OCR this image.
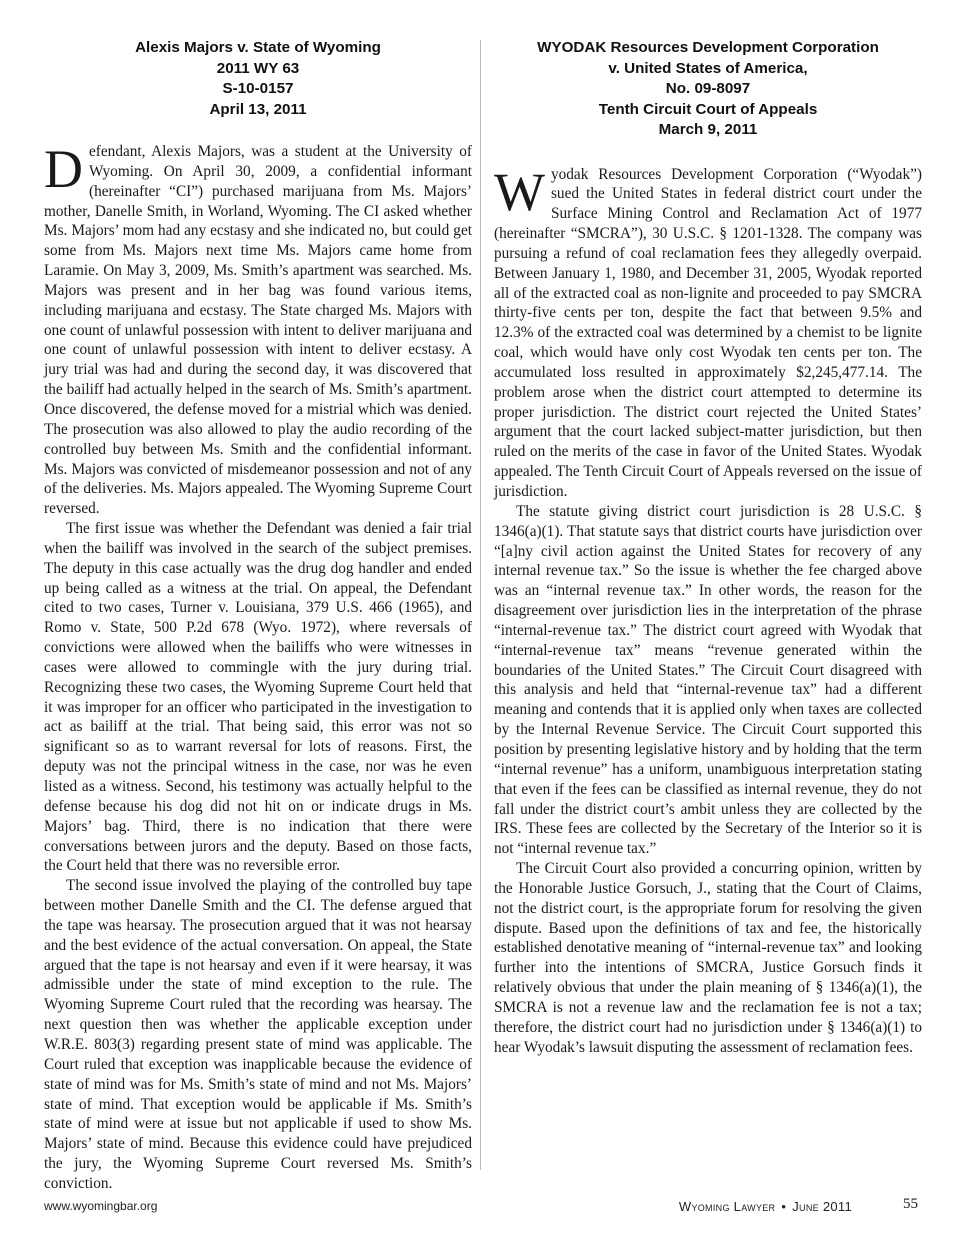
Alexis Majors v. State of Wyoming
2011 WY 63
S-10-0157
April 13, 2011

Defendant, Alexis Majors, was a student at the University of Wyoming. On April 30, 2009, a confidential informant (hereinafter “CI”) purchased marijuana from Ms. Majors’ mother, Danelle Smith, in Worland, Wyoming. The CI asked whether Ms. Majors’ mom had any ecstasy and she indicated no, but could get some from Ms. Majors next time Ms. Majors came home from Laramie. On May 3, 2009, Ms. Smith’s apartment was searched. Ms. Majors was present and in her bag was found various items, including marijuana and ecstasy. The State charged Ms. Majors with one count of unlawful possession with intent to deliver marijuana and one count of unlawful possession with intent to deliver ecstasy. A jury trial was had and during the second day, it was discovered that the bailiff had actually helped in the search of Ms. Smith’s apartment. Once discovered, the defense moved for a mistrial which was denied. The prosecution was also allowed to play the audio recording of the controlled buy between Ms. Smith and the confidential informant. Ms. Majors was convicted of misdemeanor possession and not of any of the deliveries. Ms. Majors appealed. The Wyoming Supreme Court reversed.

The first issue was whether the Defendant was denied a fair trial when the bailiff was involved in the search of the subject premises. The deputy in this case actually was the drug dog handler and ended up being called as a witness at the trial. On appeal, the Defendant cited to two cases, Turner v. Louisiana, 379 U.S. 466 (1965), and Romo v. State, 500 P.2d 678 (Wyo. 1972), where reversals of convictions were allowed when the bailiffs who were witnesses in cases were allowed to commingle with the jury during trial. Recognizing these two cases, the Wyoming Supreme Court held that it was improper for an officer who participated in the investigation to act as bailiff at the trial. That being said, this error was not so significant so as to warrant reversal for lots of reasons. First, the deputy was not the principal witness in the case, nor was he even listed as a witness. Second, his testimony was actually helpful to the defense because his dog did not hit on or indicate drugs in Ms. Majors’ bag. Third, there is no indication that there were conversations between jurors and the deputy. Based on those facts, the Court held that there was no reversible error.

The second issue involved the playing of the controlled buy tape between mother Danelle Smith and the CI. The defense argued that the tape was hearsay. The prosecution argued that it was not hearsay and the best evidence of the actual conversation. On appeal, the State argued that the tape is not hearsay and even if it were hearsay, it was admissible under the state of mind exception to the rule. The Wyoming Supreme Court ruled that the recording was hearsay. The next question then was whether the applicable exception under W.R.E. 803(3) regarding present state of mind was applicable. The Court ruled that exception was inapplicable because the evidence of state of mind was for Ms. Smith’s state of mind and not Ms. Majors’ state of mind. That exception would be applicable if Ms. Smith’s state of mind were at issue but not applicable if used to show Ms. Majors’ state of mind. Because this evidence could have prejudiced the jury, the Wyoming Supreme Court reversed Ms. Smith’s conviction.

WYODAK Resources Development Corporation
v. United States of America,
No. 09-8097
Tenth Circuit Court of Appeals
March 9, 2011

Wyodak Resources Development Corporation (“Wyodak”) sued the United States in federal district court under the Surface Mining Control and Reclamation Act of 1977 (hereinafter “SMCRA”), 30 U.S.C. § 1201-1328. The company was pursuing a refund of coal reclamation fees they allegedly overpaid. Between January 1, 1980, and December 31, 2005, Wyodak reported all of the extracted coal as non-lignite and proceeded to pay SMCRA thirty-five cents per ton, despite the fact that between 9.5% and 12.3% of the extracted coal was determined by a chemist to be lignite coal, which would have only cost Wyodak ten cents per ton. The accumulated loss resulted in approximately $2,245,477.14. The problem arose when the district court attempted to determine its proper jurisdiction. The district court rejected the United States’ argument that the court lacked subject-matter jurisdiction, but then ruled on the merits of the case in favor of the United States. Wyodak appealed. The Tenth Circuit Court of Appeals reversed on the issue of jurisdiction.

The statute giving district court jurisdiction is 28 U.S.C. § 1346(a)(1). That statute says that district courts have jurisdiction over “[a]ny civil action against the United States for recovery of any internal revenue tax.” So the issue is whether the fee charged above was an “internal revenue tax.” In other words, the reason for the disagreement over jurisdiction lies in the interpretation of the phrase “internal-revenue tax.” The district court agreed with Wyodak that “internal-revenue tax” means “revenue generated within the boundaries of the United States.” The Circuit Court disagreed with this analysis and held that “internal-revenue tax” had a different meaning and contends that it is applied only when taxes are collected by the Internal Revenue Service. The Circuit Court supported this position by presenting legislative history and by holding that the term “internal revenue” has a uniform, unambiguous interpretation stating that even if the fees can be classified as internal revenue, they do not fall under the district court’s ambit unless they are collected by the IRS. These fees are collected by the Secretary of the Interior so it is not “internal revenue tax.”

The Circuit Court also provided a concurring opinion, written by the Honorable Justice Gorsuch, J., stating that the Court of Claims, not the district court, is the appropriate forum for resolving the given dispute. Based upon the definitions of tax and fee, the historically established denotative meaning of “internal-revenue tax” and looking further into the intentions of SMCRA, Justice Gorsuch finds it relatively obvious that under the plain meaning of § 1346(a)(1), the SMCRA is not a revenue law and the reclamation fee is not a tax; therefore, the district court had no jurisdiction under § 1346(a)(1) to hear Wyodak’s lawsuit disputing the assessment of reclamation fees.

www.wyomingbar.org	Wyoming Lawyer • June 2011	55
